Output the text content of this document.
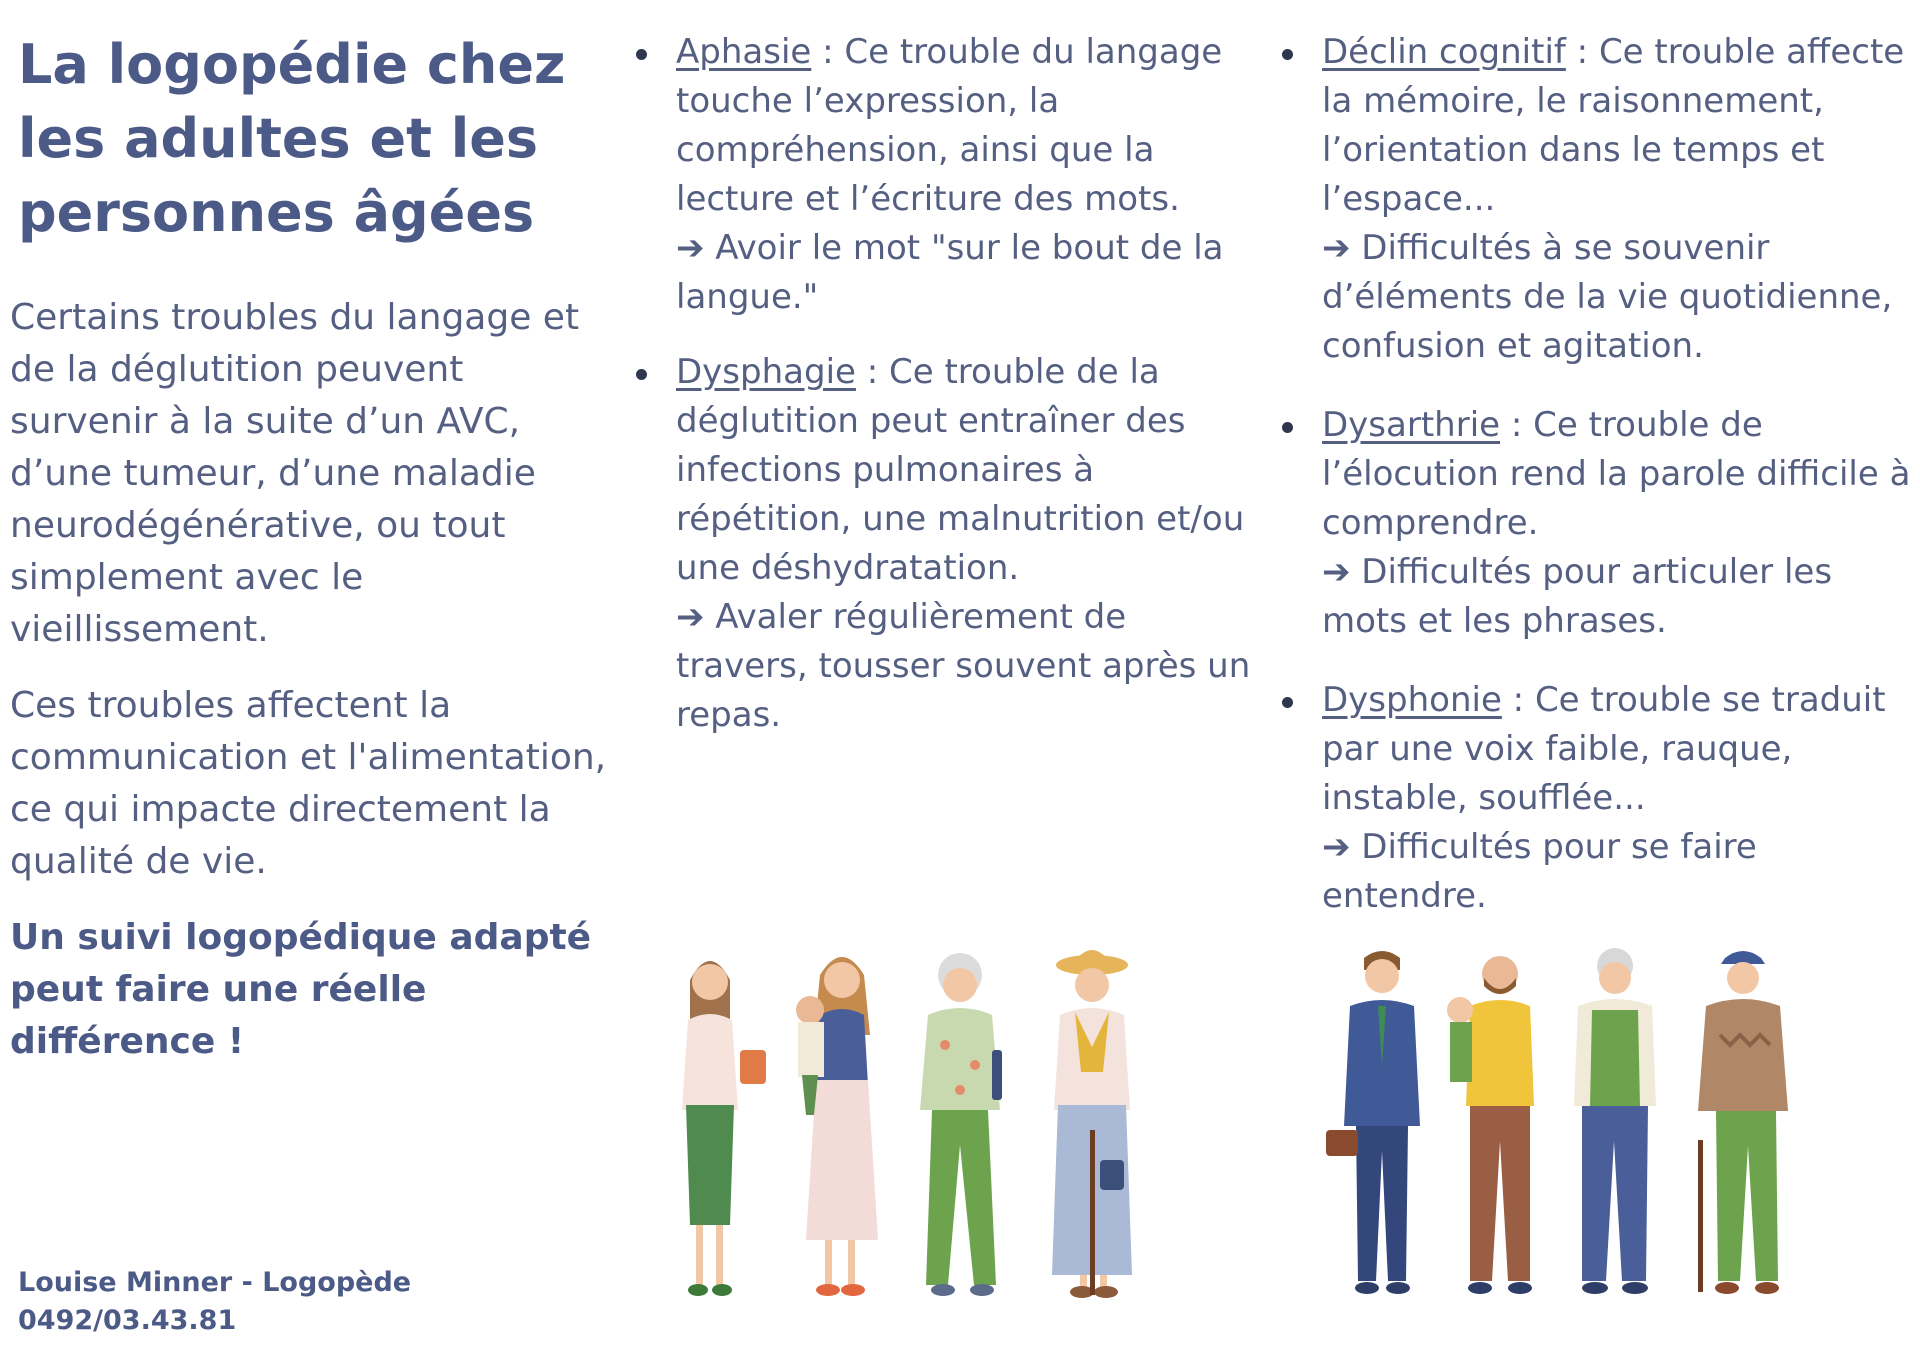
La logopédie chez les adultes et les personnes âgées

Certains troubles du langage et de la déglutition peuvent survenir à la suite d’un AVC, d’une tumeur, d’une maladie neurodégénérative, ou tout simplement avec le vieillissement.

Ces troubles affectent la communication et l'alimentation, ce qui impacte directement la qualité de vie.

Un suivi logopédique adapté peut faire une réelle différence !

Louise Minner - Logopède
0492/03.43.81
Aphasie : Ce trouble du langage touche l’expression, la compréhension, ainsi que la lecture et l’écriture des mots.
➔ Avoir le mot "sur le bout de la langue."
Dysphagie : Ce trouble de la déglutition peut entraîner des infections pulmonaires à répétition, une malnutrition et/ou une déshydratation.
➔ Avaler régulièrement de travers, tousser souvent après un repas.
Déclin cognitif : Ce trouble affecte la mémoire, le raisonnement, l’orientation dans le temps et l’espace...
➔ Difficultés à se souvenir d’éléments de la vie quotidienne, confusion et agitation.
Dysarthrie : Ce trouble de l’élocution rend la parole difficile à comprendre.
➔ Difficultés pour articuler les mots et les phrases.
Dysphonie : Ce trouble se traduit par une voix faible, rauque, instable, soufflée...
➔ Difficultés pour se faire entendre.
